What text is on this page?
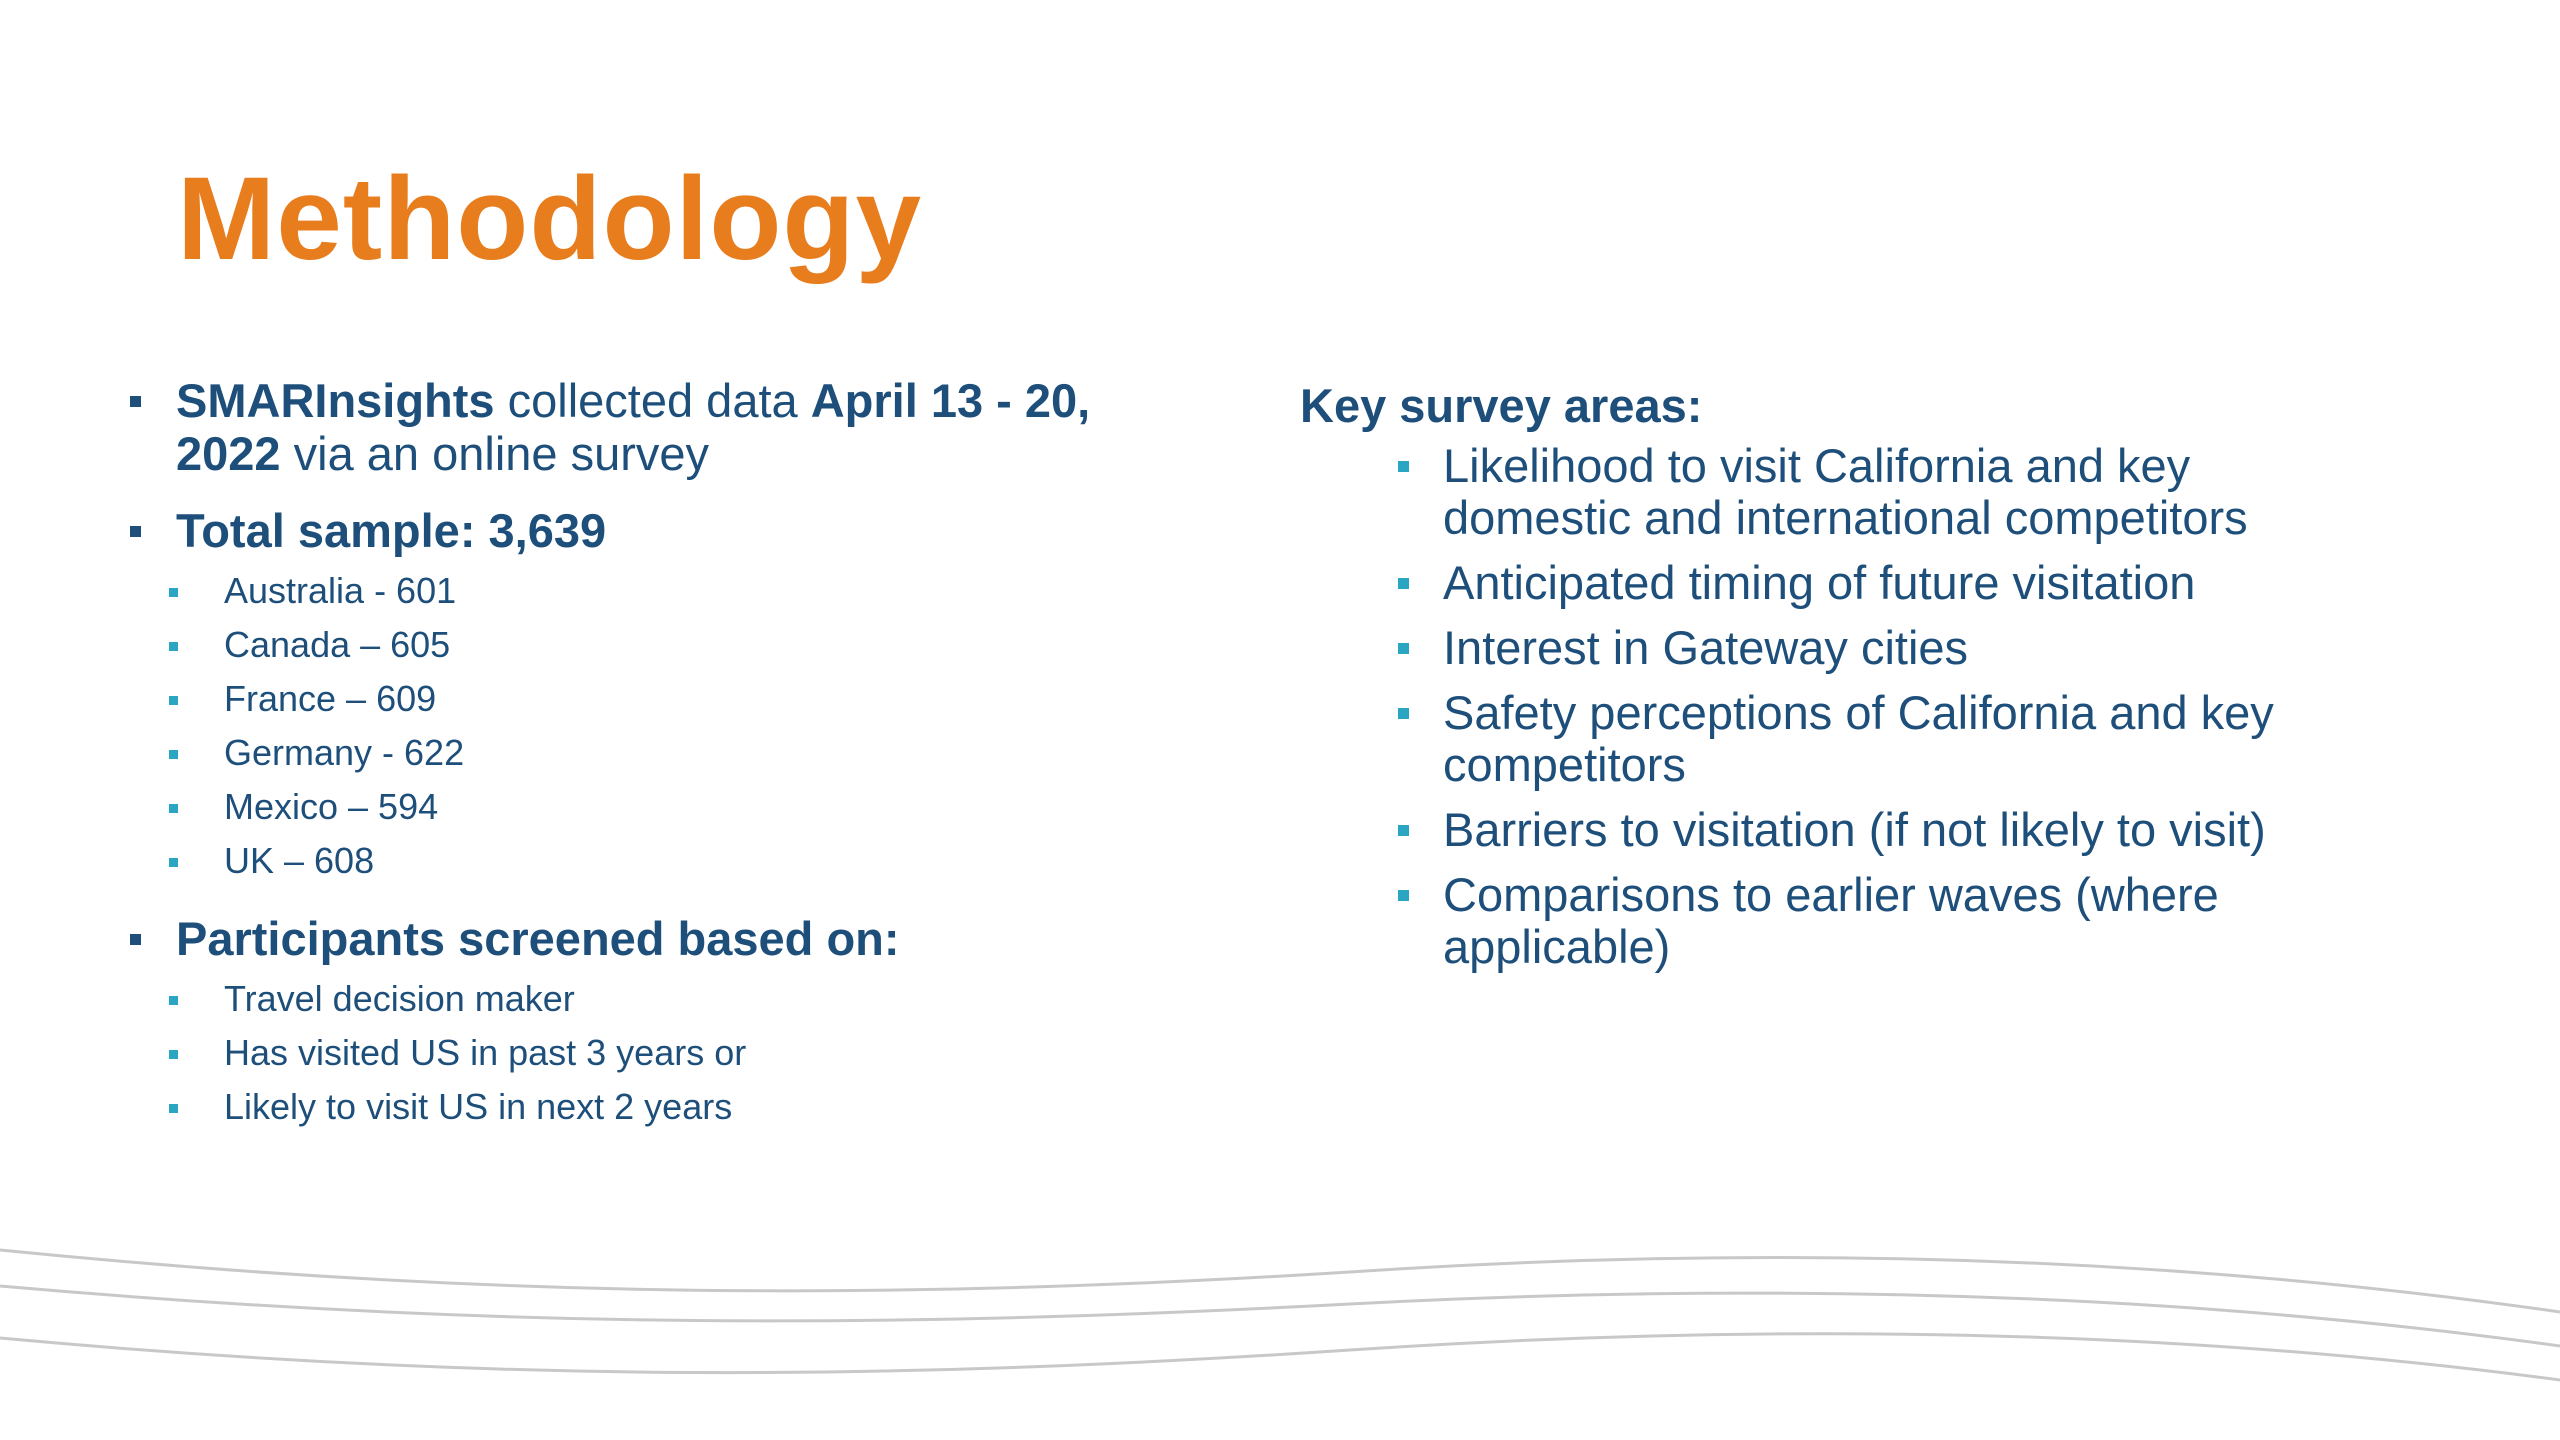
Methodology
SMARInsights collected data April 13 - 20, 2022 via an online survey
Total sample: 3,639
Australia - 601
Canada – 605
France – 609
Germany - 622
Mexico – 594
UK – 608
Participants screened based on:
Travel decision maker
Has visited US in past 3 years or
Likely to visit US in next 2 years
Key survey areas:
Likelihood to visit California and key domestic and international competitors
Anticipated timing of future visitation
Interest in Gateway cities
Safety perceptions of California and key competitors
Barriers to visitation (if not likely to visit)
Comparisons to earlier waves (where applicable)
